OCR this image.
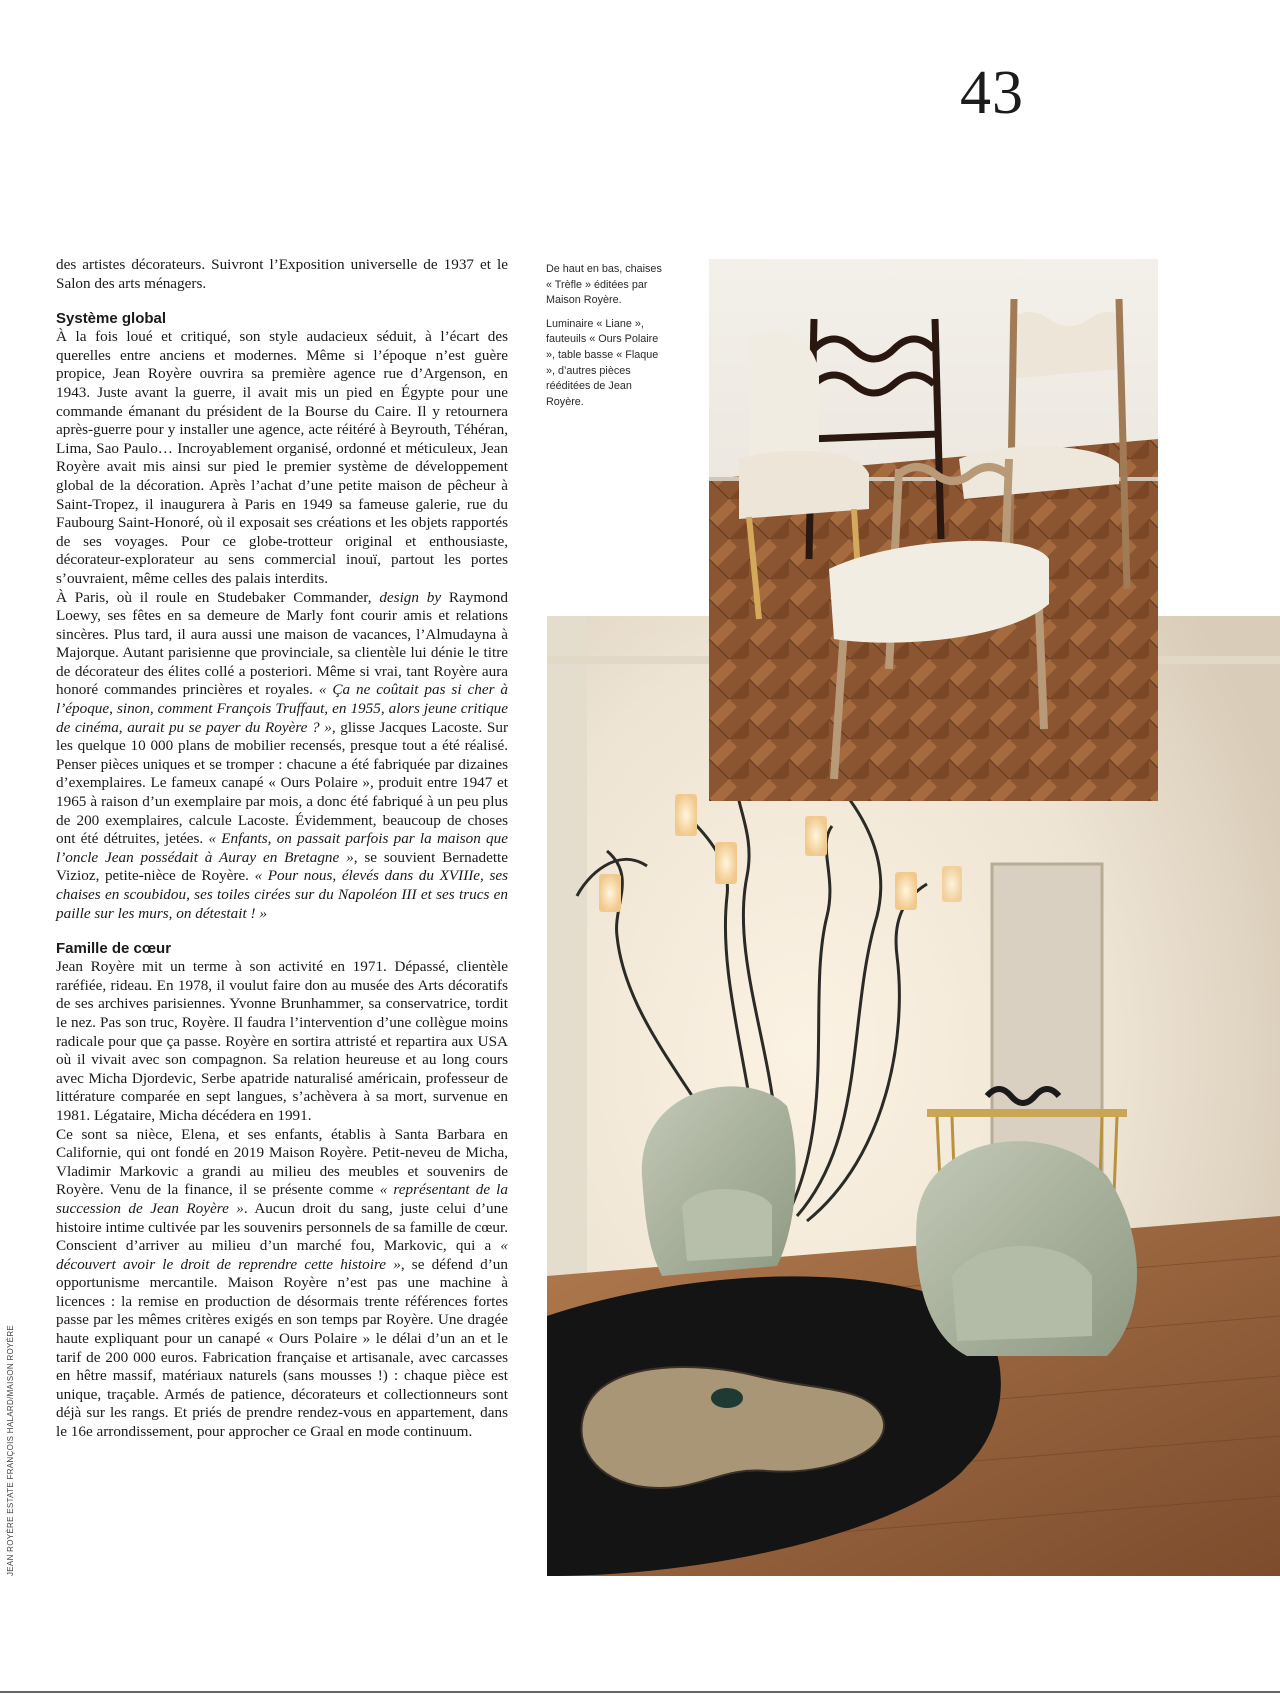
43

des artistes décorateurs. Suivront l’Exposition universelle de 1937 et le Salon des arts ménagers.

Système global

À la fois loué et critiqué, son style audacieux séduit, à l’écart des querelles entre anciens et modernes. Même si l’époque n’est guère propice, Jean Royère ouvrira sa première agence rue d’Argenson, en 1943. Juste avant la guerre, il avait mis un pied en Égypte pour une commande émanant du président de la Bourse du Caire. Il y retournera après-guerre pour y installer une agence, acte réitéré à Beyrouth, Téhéran, Lima, Sao Paulo… Incroyablement organisé, ordonné et méticuleux, Jean Royère avait mis ainsi sur pied le premier système de développement global de la décoration. Après l’achat d’une petite maison de pêcheur à Saint-Tropez, il inaugurera à Paris en 1949 sa fameuse galerie, rue du Faubourg Saint-Honoré, où il exposait ses créations et les objets rapportés de ses voyages. Pour ce globe-trotteur original et enthousiaste, décorateur-explorateur au sens commercial inouï, partout les portes s’ouvraient, même celles des palais interdits.

À Paris, où il roule en Studebaker Commander, design by Raymond Loewy, ses fêtes en sa demeure de Marly font courir amis et relations sincères. Plus tard, il aura aussi une maison de vacances, l’Almudayna à Majorque. Autant parisienne que provinciale, sa clientèle lui dénie le titre de décorateur des élites collé a posteriori. Même si vrai, tant Royère aura honoré commandes princières et royales. « Ça ne coûtait pas si cher à l’époque, sinon, comment François Truffaut, en 1955, alors jeune critique de cinéma, aurait pu se payer du Royère ? », glisse Jacques Lacoste. Sur les quelque 10 000 plans de mobilier recensés, presque tout a été réalisé. Penser pièces uniques et se tromper : chacune a été fabriquée par dizaines d’exemplaires. Le fameux canapé « Ours Polaire », produit entre 1947 et 1965 à raison d’un exemplaire par mois, a donc été fabriqué à un peu plus de 200 exemplaires, calcule Lacoste. Évidemment, beaucoup de choses ont été détruites, jetées. « Enfants, on passait parfois par la maison que l’oncle Jean possédait à Auray en Bretagne », se souvient Bernadette Vizioz, petite-nièce de Royère. « Pour nous, élevés dans du XVIIIe, ses chaises en scoubidou, ses toiles cirées sur du Napoléon III et ses trucs en paille sur les murs, on détestait ! »

Famille de cœur

Jean Royère mit un terme à son activité en 1971. Dépassé, clientèle raréfiée, rideau. En 1978, il voulut faire don au musée des Arts décoratifs de ses archives parisiennes. Yvonne Brunhammer, sa conservatrice, tordit le nez. Pas son truc, Royère. Il faudra l’intervention d’une collègue moins radicale pour que ça passe. Royère en sortira attristé et repartira aux USA où il vivait avec son compagnon. Sa relation heureuse et au long cours avec Micha Djordevic, Serbe apatride naturalisé américain, professeur de littérature comparée en sept langues, s’achèvera à sa mort, survenue en 1981. Légataire, Micha décédera en 1991.

Ce sont sa nièce, Elena, et ses enfants, établis à Santa Barbara en Californie, qui ont fondé en 2019 Maison Royère. Petit-neveu de Micha, Vladimir Markovic a grandi au milieu des meubles et souvenirs de Royère. Venu de la finance, il se présente comme « représentant de la succession de Jean Royère ». Aucun droit du sang, juste celui d’une histoire intime cultivée par les souvenirs personnels de sa famille de cœur. Conscient d’arriver au milieu d’un marché fou, Markovic, qui a « découvert avoir le droit de reprendre cette histoire », se défend d’un opportunisme mercantile. Maison Royère n’est pas une machine à licences : la remise en production de désormais trente références fortes passe par les mêmes critères exigés en son temps par Royère. Une dragée haute expliquant pour un canapé « Ours Polaire » le délai d’un an et le tarif de 200 000 euros. Fabrication française et artisanale, avec carcasses en hêtre massif, matériaux naturels (sans mousses !) : chaque pièce est unique, traçable. Armés de patience, décorateurs et collectionneurs sont déjà sur les rangs. Et priés de prendre rendez-vous en appartement, dans le 16e arrondissement, pour approcher ce Graal en mode continuum.

De haut en bas, chaises « Trèfle » éditées par Maison Royère.

Luminaire « Liane », fauteuils « Ours Polaire », table basse « Flaque », d’autres pièces rééditées de Jean Royère.

JEAN ROYÈRE ESTATE FRANÇOIS HALARD/MAISON ROYÈRE
